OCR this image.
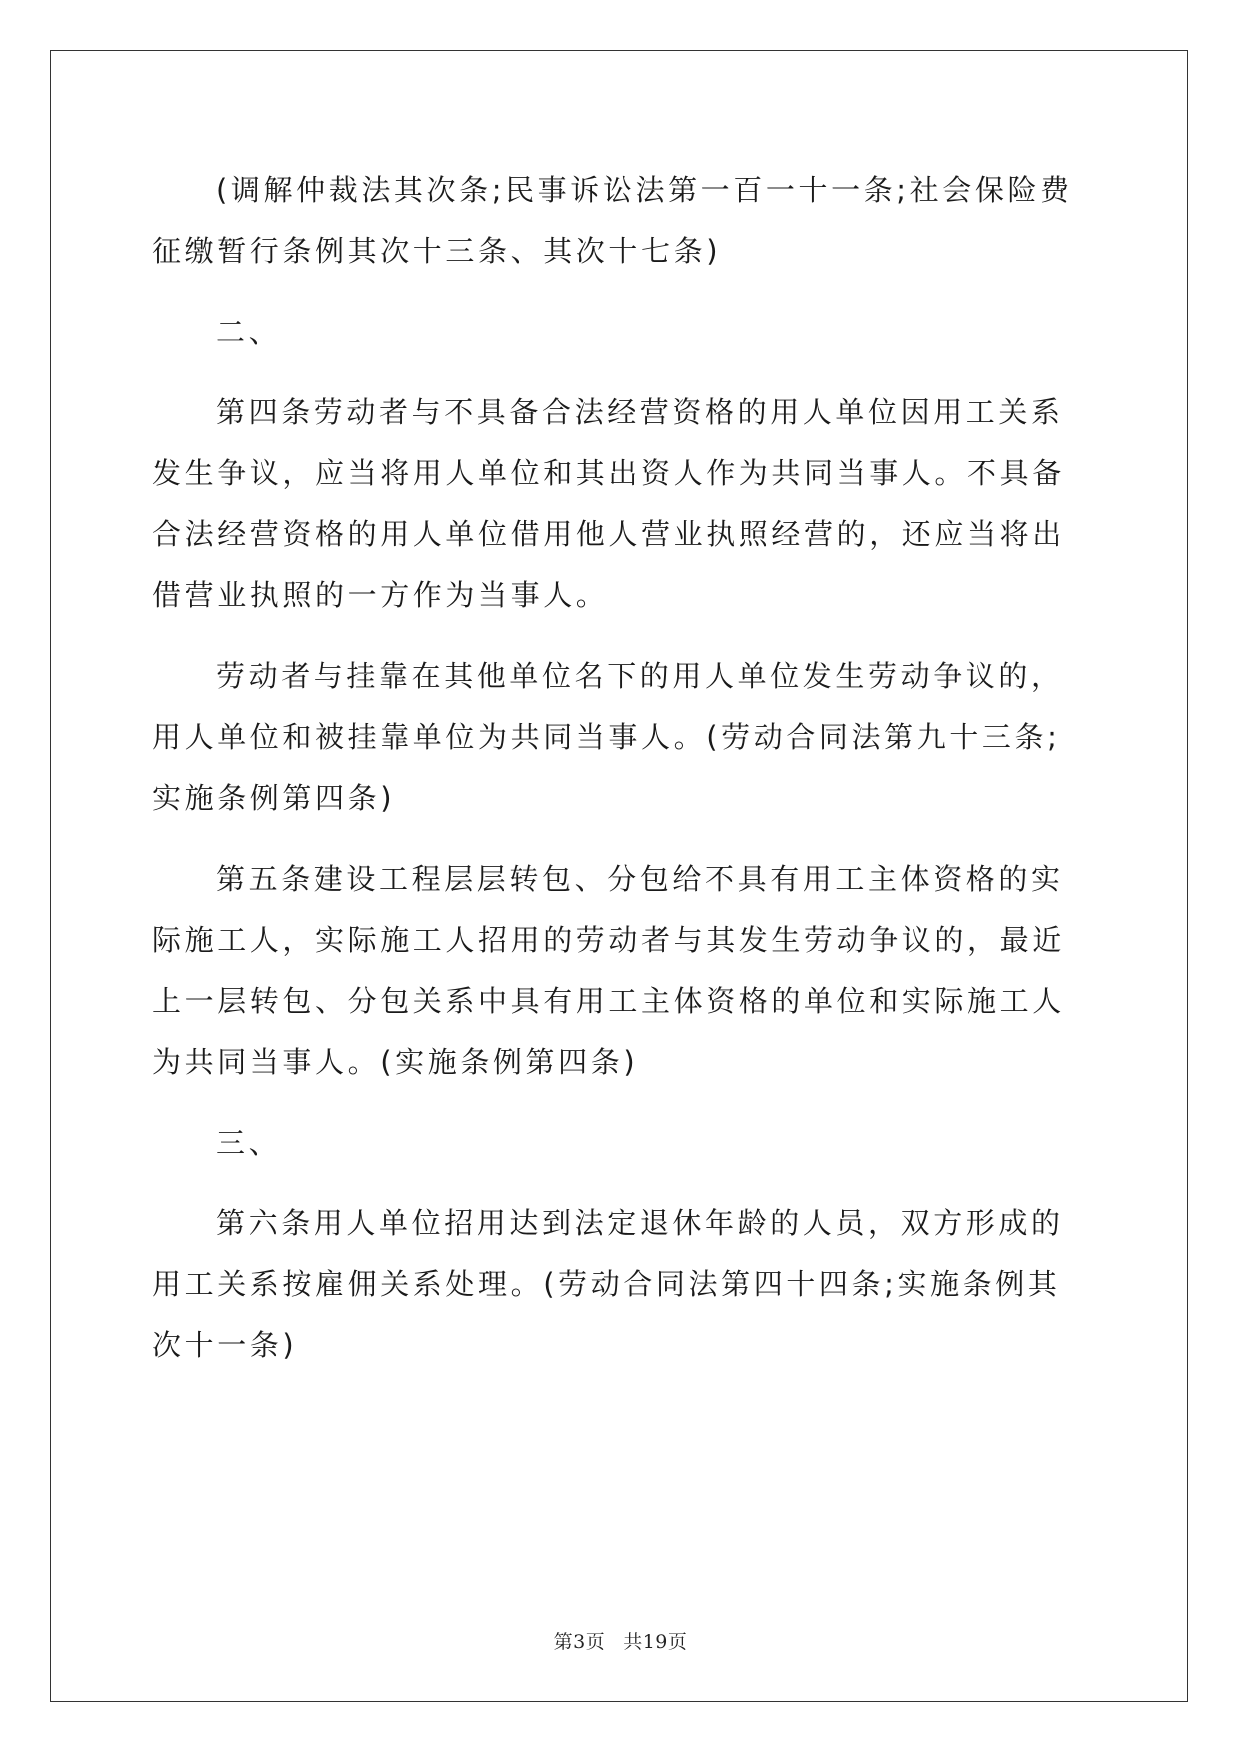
(调解仲裁法其次条;民事诉讼法第一百一十一条;社会保险费征缴暂行条例其次十三条、其次十七条)

二、

第四条劳动者与不具备合法经营资格的用人单位因用工关系发生争议，应当将用人单位和其出资人作为共同当事人。不具备合法经营资格的用人单位借用他人营业执照经营的，还应当将出借营业执照的一方作为当事人。

劳动者与挂靠在其他单位名下的用人单位发生劳动争议的，用人单位和被挂靠单位为共同当事人。(劳动合同法第九十三条;实施条例第四条)

第五条建设工程层层转包、分包给不具有用工主体资格的实际施工人，实际施工人招用的劳动者与其发生劳动争议的，最近上一层转包、分包关系中具有用工主体资格的单位和实际施工人为共同当事人。(实施条例第四条)

三、

第六条用人单位招用达到法定退休年龄的人员，双方形成的用工关系按雇佣关系处理。(劳动合同法第四十四条;实施条例其次十一条)

第3页 共19页
